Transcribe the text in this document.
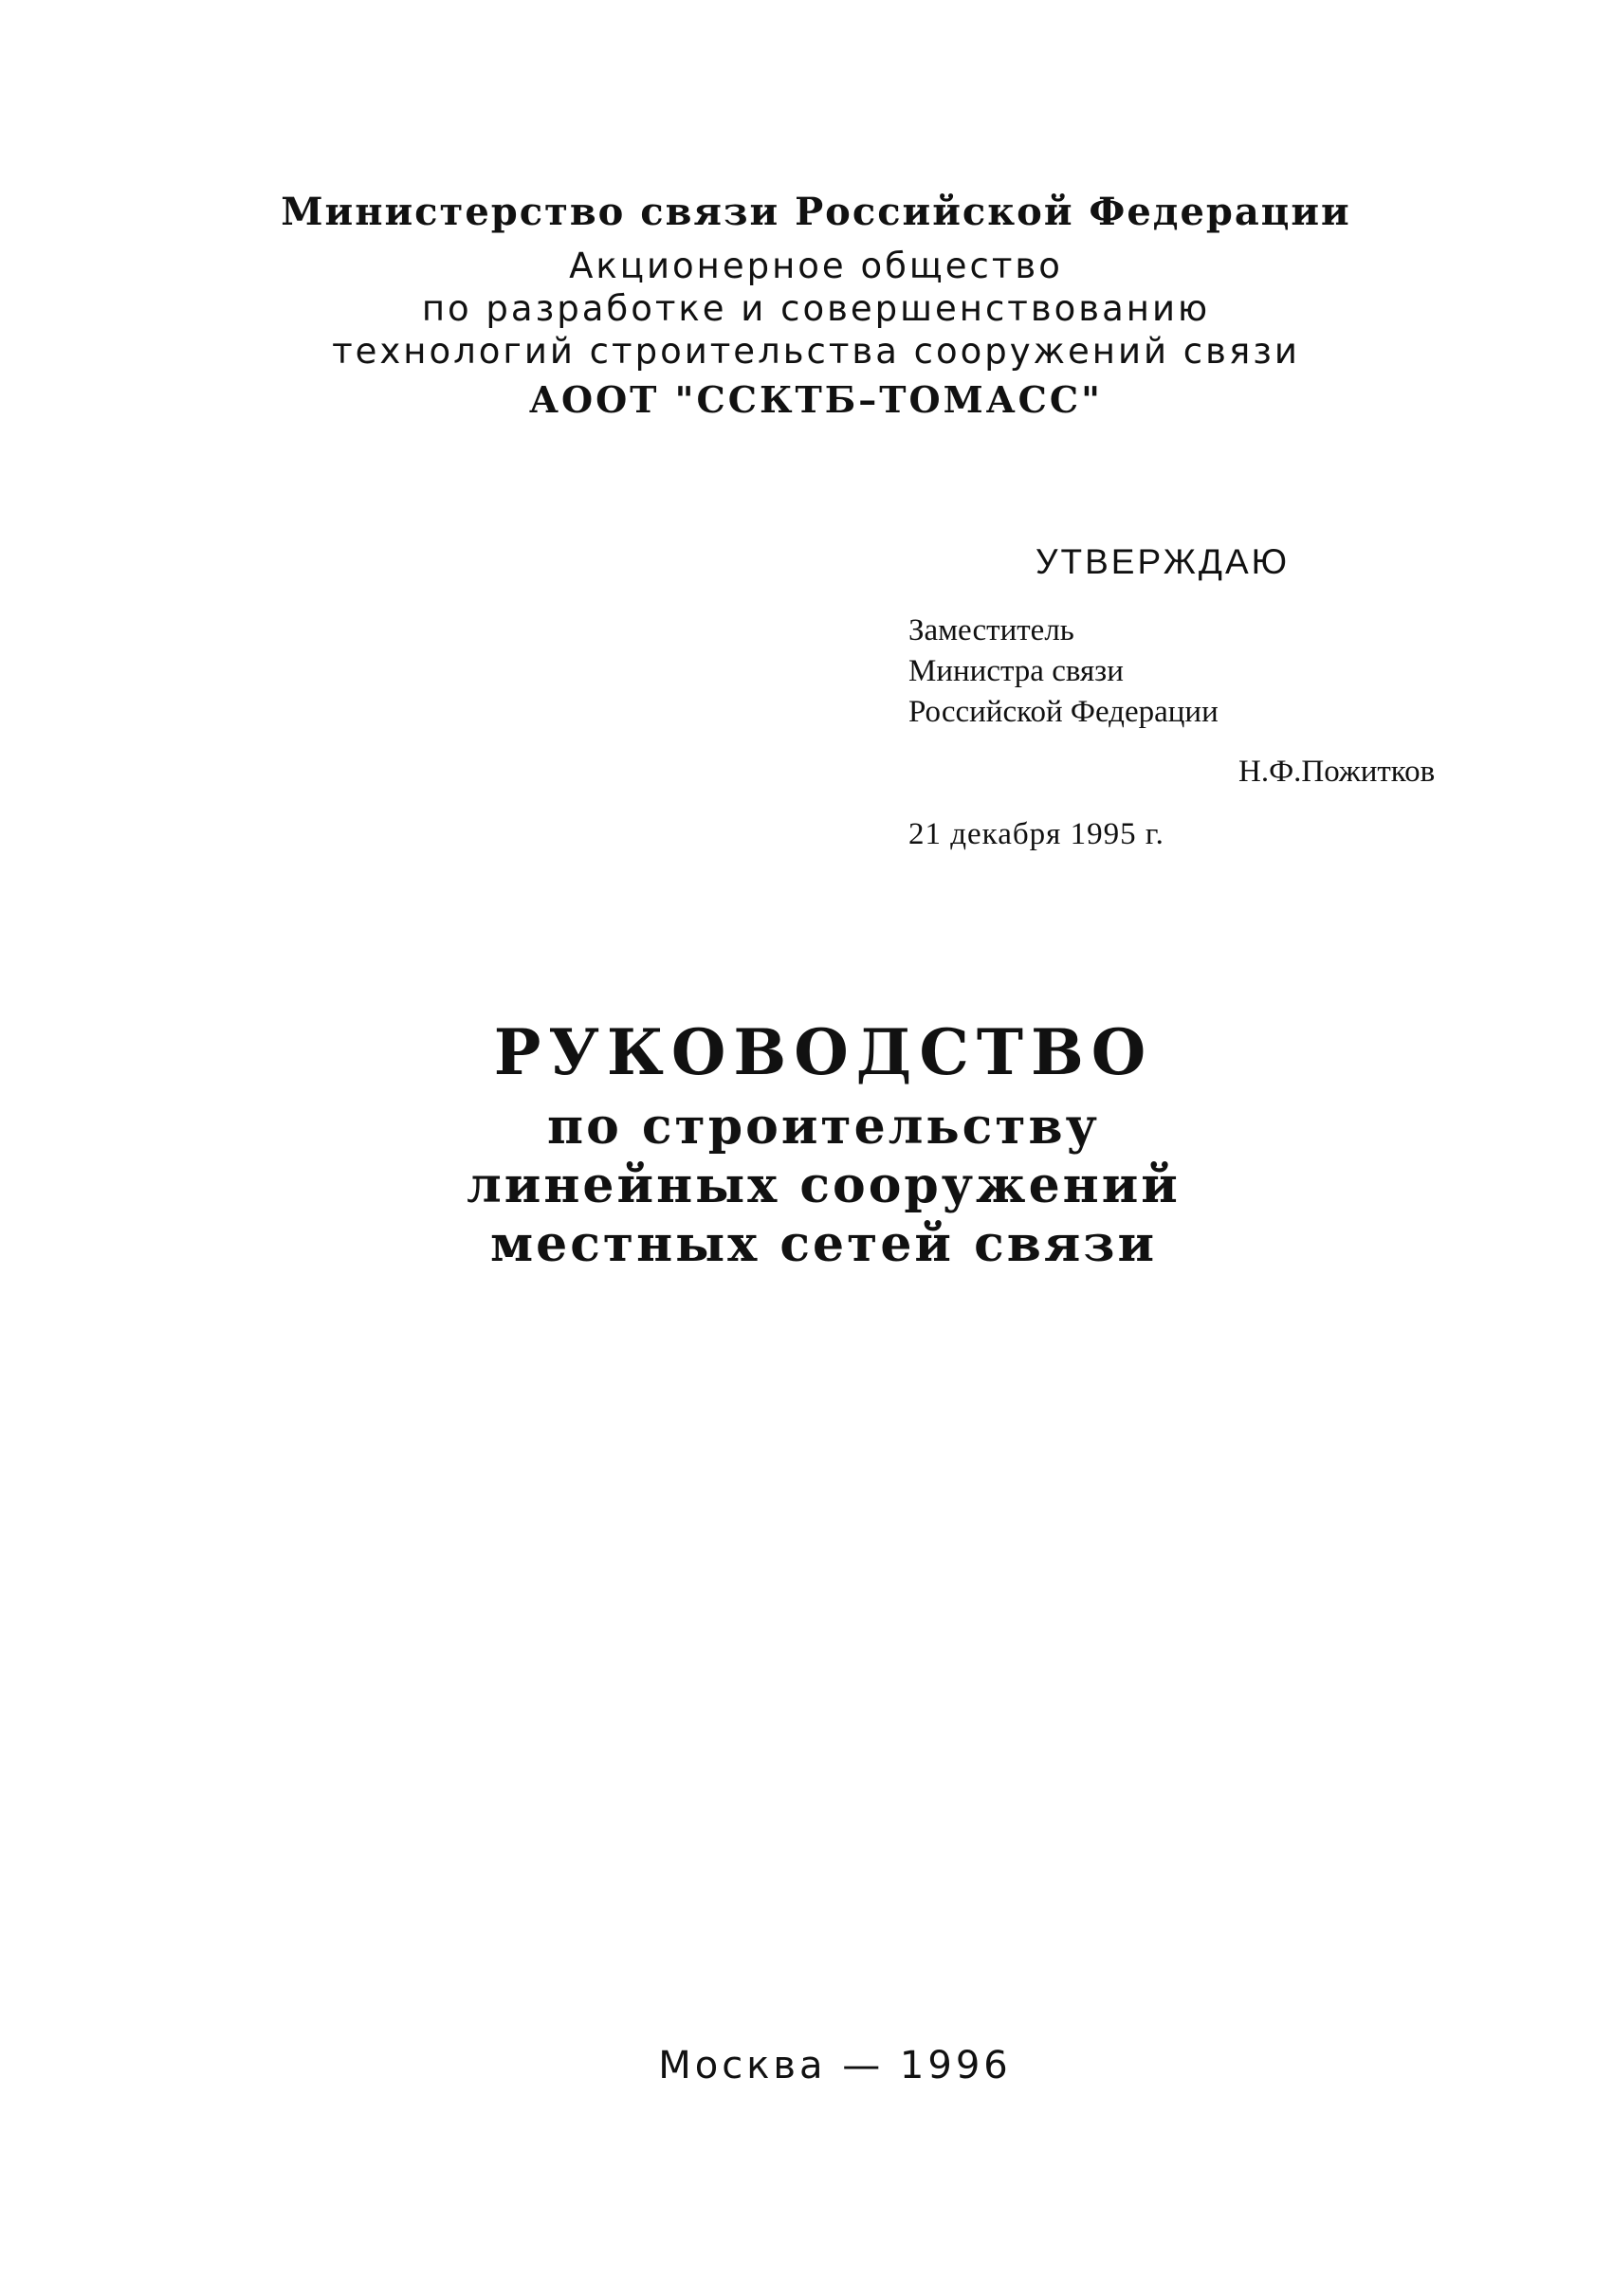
Министерство связи Российской Федерации
Акционерное общество
по разработке и совершенствованию
технологий строительства сооружений связи
АООТ "ССКТБ–ТОМАСС"
УТВЕРЖДАЮ
Заместитель
Министра связи
Российской Федерации
Н.Ф.Пожитков
21 декабря 1995 г.
РУКОВОДСТВО
по строительству
линейных сооружений
местных сетей связи
Москва — 1996
